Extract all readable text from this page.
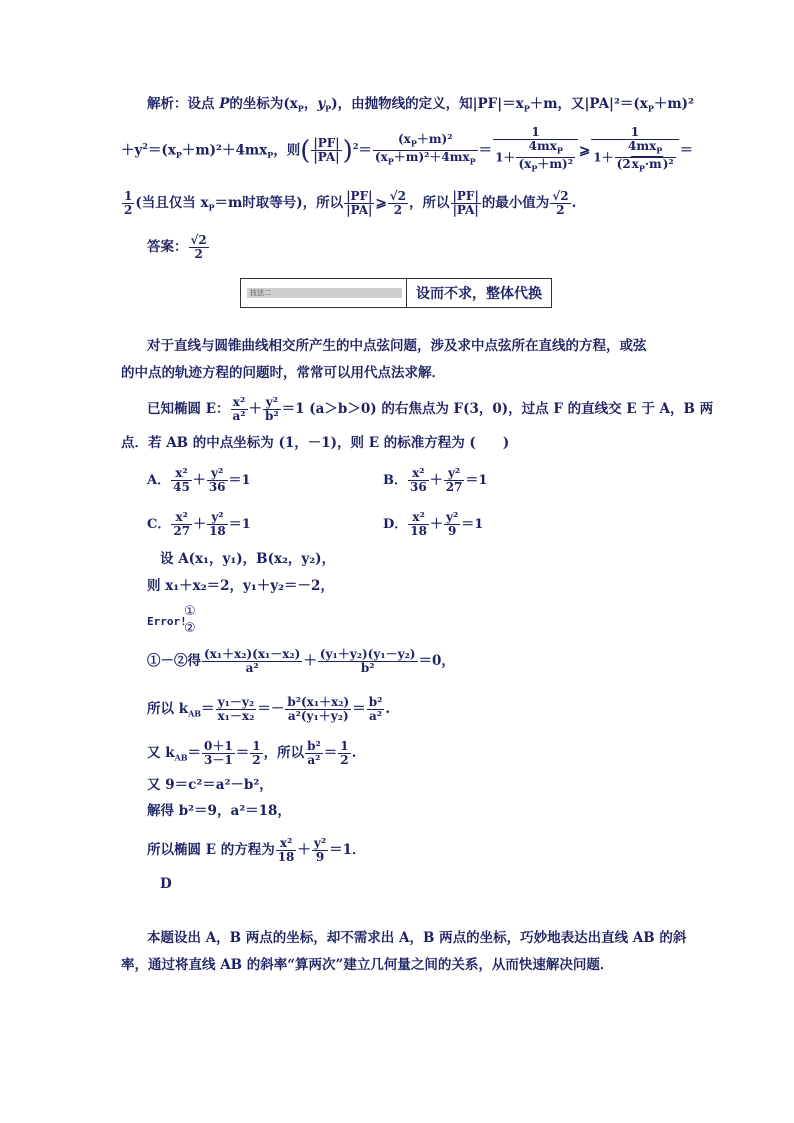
解析：设点 P的坐标为($x_P$，$y_P$)，由抛物线的定义，知$|PF|=x_P+m$，又$|PA|^2=(x_P+m)^2$
$+y^2=(x_P+m)^2+4mx_P$，则( $\frac{|PF|}{|PA|} )^2= \frac{(x_P+m)^2}{(x_P+m)^2+4mx_P} = \frac{1}{1+ \frac{4mx_P}{(x_P+m)^2}}$ ⩾ $\frac{1}{1+ \frac{4mx_P}{(2x_P\cdot m)^2}}$ ＝
$\frac{1}{2}$ (当且仅当 $x_P=m$时取等号)，所以 $\frac{|PF|}{|PA|}$ ⩾ $\frac{√2}{2}$ ，所以 $\frac{|PF|}{|PA|}$ 的最小值为 $\frac{√2}{2}$ .
答案： $\frac{√2}{2}$
技法二	设而不求，整体代换
对于直线与圆锥曲线相交所产生的中点弦问题，涉及求中点弦所在直线的方程，或弦
的中点的轨迹方程的问题时，常常可以用代点法求解．
已知椭圆 E： $\frac{\text{x²}}{\text{a²}} + \frac{\text{y²}}{\text{b²}} =1$ (a＞b＞0) 的右焦点为 F(3，0)，过点 F 的直线交 E 于 A，B 两
点．若 AB 的中点坐标为 (1，－1)，则 E 的标准方程为 (　　)
A． $\frac{\text{x²}}{45} + \frac{\text{y²}}{36} =1$	B． $\frac{\text{x²}}{36} + \frac{\text{y²}}{27} =1$
C． $\frac{\text{x²}}{27} + \frac{\text{y²}}{18} =1$	D． $\frac{\text{x²}}{18} + \frac{\text{y²}}{9} =1$
设 A(x₁，y₁)，B(x₂，y₂)，
则 x₁＋x₂＝2，y₁＋y₂＝－2，
Error!
①
②
①－②得 $\frac{\text{(x₁＋x₂)(x₁－x₂)}}{\text{a²}} + \frac{\text{(y₁＋y₂)(y₁－y₂)}}{\text{b²}} =0$，
所以 $k_{AB}= \frac{\text{y₁－y₂}}{\text{x₁－x₂}} =- \frac{\text{b²(x₁＋x₂)}}{\text{a²(y₁＋y₂)}} = \frac{\text{b²}}{\text{a²}}$ .
又 $k_{AB}= \frac{0+1}{3-1} = \frac{1}{2}$ ，所以 $\frac{\text{b²}}{\text{a²}} = \frac{1}{2}$ .
又 9＝c²＝a²－b²，
解得 b²＝9，a²＝18，
所以椭圆 E 的方程为 $\frac{\text{x²}}{18} + \frac{\text{y²}}{9} =1$．
D
本题设出 A，B 两点的坐标，却不需求出 A，B 两点的坐标，巧妙地表达出直线 AB 的斜
率，通过将直线 AB 的斜率“算两次”建立几何量之间的关系，从而快速解决问题．
